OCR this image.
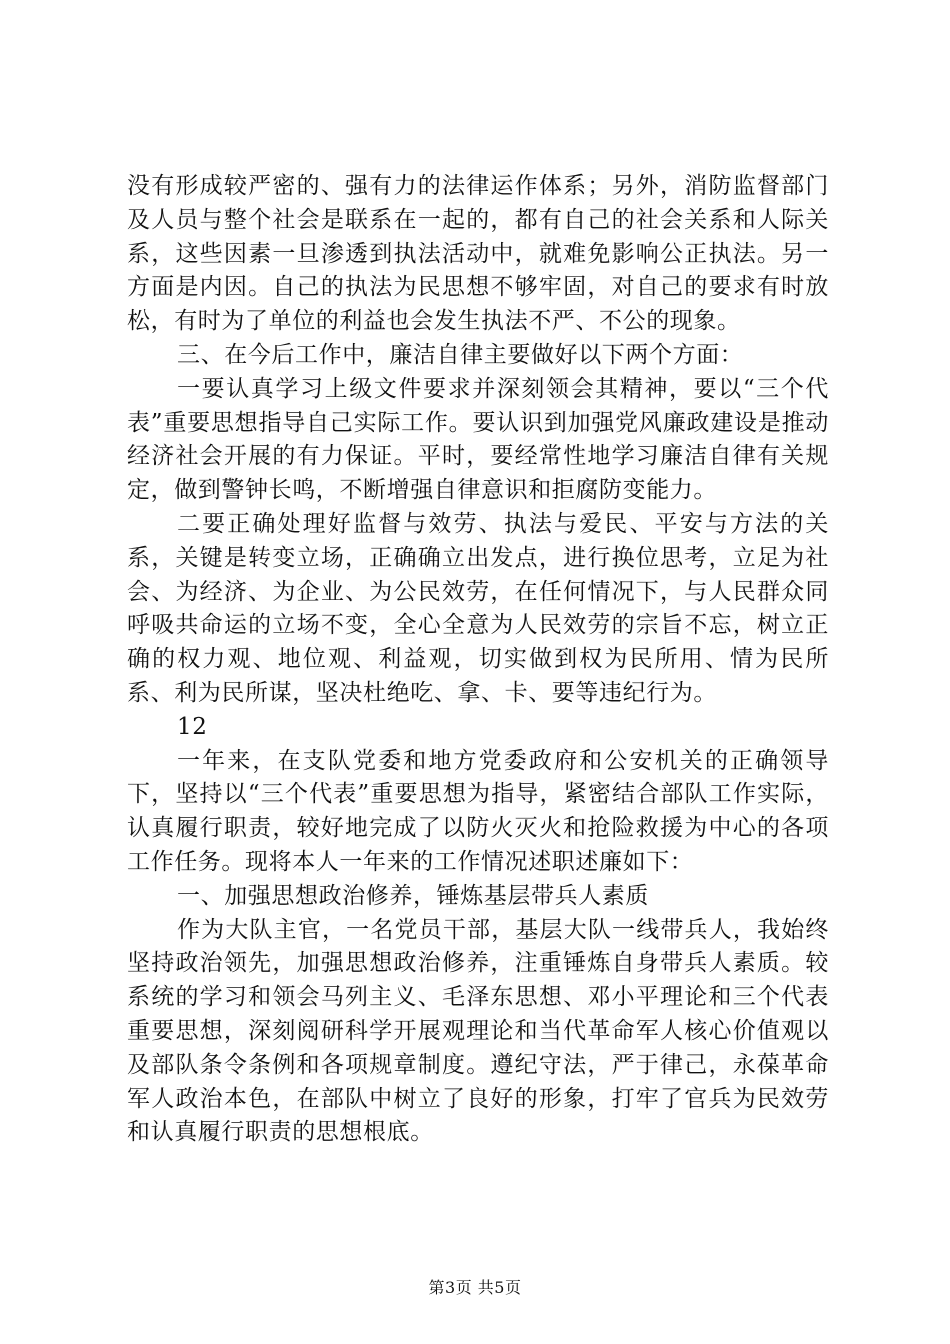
没有形成较严密的、强有力的法律运作体系；另外，消防监督部门及人员与整个社会是联系在一起的，都有自己的社会关系和人际关系，这些因素一旦渗透到执法活动中，就难免影响公正执法。另一方面是内因。自己的执法为民思想不够牢固，对自己的要求有时放松，有时为了单位的利益也会发生执法不严、不公的现象。

三、在今后工作中，廉洁自律主要做好以下两个方面：

一要认真学习上级文件要求并深刻领会其精神，要以“三个代表”重要思想指导自己实际工作。要认识到加强党风廉政建设是推动经济社会开展的有力保证。平时，要经常性地学习廉洁自律有关规定，做到警钟长鸣，不断增强自律意识和拒腐防变能力。

二要正确处理好监督与效劳、执法与爱民、平安与方法的关系，关键是转变立场，正确确立出发点，进行换位思考，立足为社会、为经济、为企业、为公民效劳，在任何情况下，与人民群众同呼吸共命运的立场不变，全心全意为人民效劳的宗旨不忘，树立正确的权力观、地位观、利益观，切实做到权为民所用、情为民所系、利为民所谋，坚决杜绝吃、拿、卡、要等违纪行为。

12

一年来，在支队党委和地方党委政府和公安机关的正确领导下，坚持以“三个代表”重要思想为指导，紧密结合部队工作实际，认真履行职责，较好地完成了以防火灭火和抢险救援为中心的各项工作任务。现将本人一年来的工作情况述职述廉如下：

一、加强思想政治修养，锤炼基层带兵人素质

作为大队主官，一名党员干部，基层大队一线带兵人，我始终坚持政治领先，加强思想政治修养，注重锤炼自身带兵人素质。较系统的学习和领会马列主义、毛泽东思想、邓小平理论和三个代表重要思想，深刻阅研科学开展观理论和当代革命军人核心价值观以及部队条令条例和各项规章制度。遵纪守法，严于律己，永葆革命军人政治本色，在部队中树立了良好的形象，打牢了官兵为民效劳和认真履行职责的思想根底。

第3页 共5页
